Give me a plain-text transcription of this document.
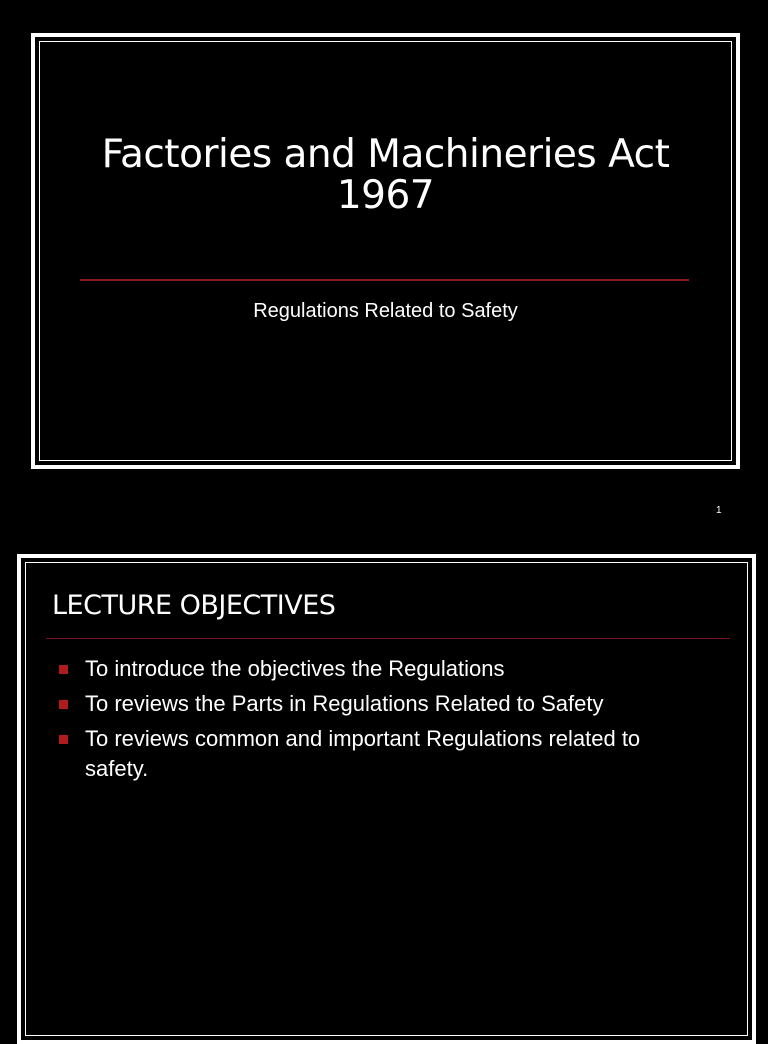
Factories and Machineries Act
1967
Regulations Related to Safety
1
LECTURE OBJECTIVES
To introduce the objectives the Regulations
To reviews the Parts in Regulations Related to Safety
To reviews common and important Regulations related to safety.
